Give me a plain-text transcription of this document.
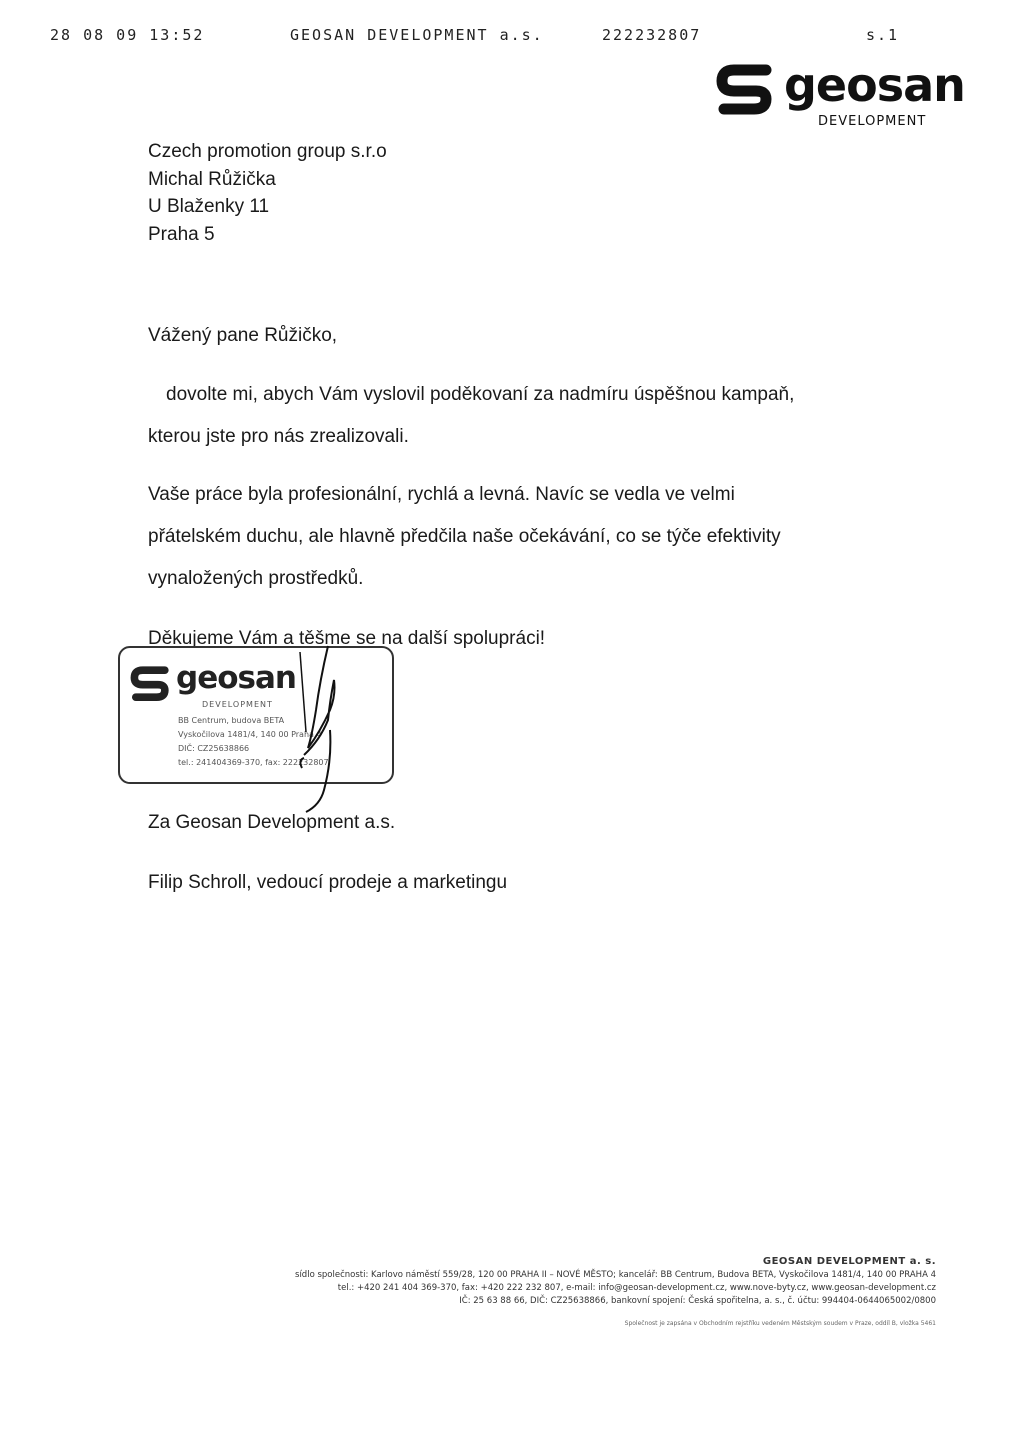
28 08 09 13:52	GEOSAN DEVELOPMENT a.s.	222232807	s.1
geosan
DEVELOPMENT
Czech promotion group s.r.o
Michal Růžička
U Blaženky 11
Praha 5
Vážený pane Růžičko,
dovolte mi, abych Vám vyslovil poděkovaní za nadmíru úspěšnou kampaň,
kterou jste pro nás zrealizovali.
Vaše práce byla profesionální, rychlá a levná. Navíc se vedla ve velmi
přátelském duchu, ale hlavně předčila naše očekávání, co se týče efektivity
vynaložených prostředků.
Děkujeme Vám a těšme se na další spolupráci!
geosan
DEVELOPMENT
BB Centrum, budova BETA
Vyskočilova 1481/4, 140 00 Praha 4
DIČ: CZ25638866
tel.: 241404369-370, fax: 222232807
Za Geosan Development a.s.
Filip Schroll, vedoucí prodeje a marketingu
GEOSAN DEVELOPMENT a. s.
sídlo společnosti: Karlovo náměstí 559/28, 120 00 PRAHA II – NOVÉ MĚSTO; kancelář: BB Centrum, Budova BETA, Vyskočilova 1481/4, 140 00 PRAHA 4
tel.: +420 241 404 369-370, fax: +420 222 232 807, e-mail: info@geosan-development.cz, www.nove-byty.cz, www.geosan-development.cz
IČ: 25 63 88 66, DIČ: CZ25638866, bankovní spojení: Česká spořitelna, a. s., č. účtu: 994404-0644065002/0800
Společnost je zapsána v Obchodním rejstříku vedeném Městským soudem v Praze, oddíl B, vložka 5461
